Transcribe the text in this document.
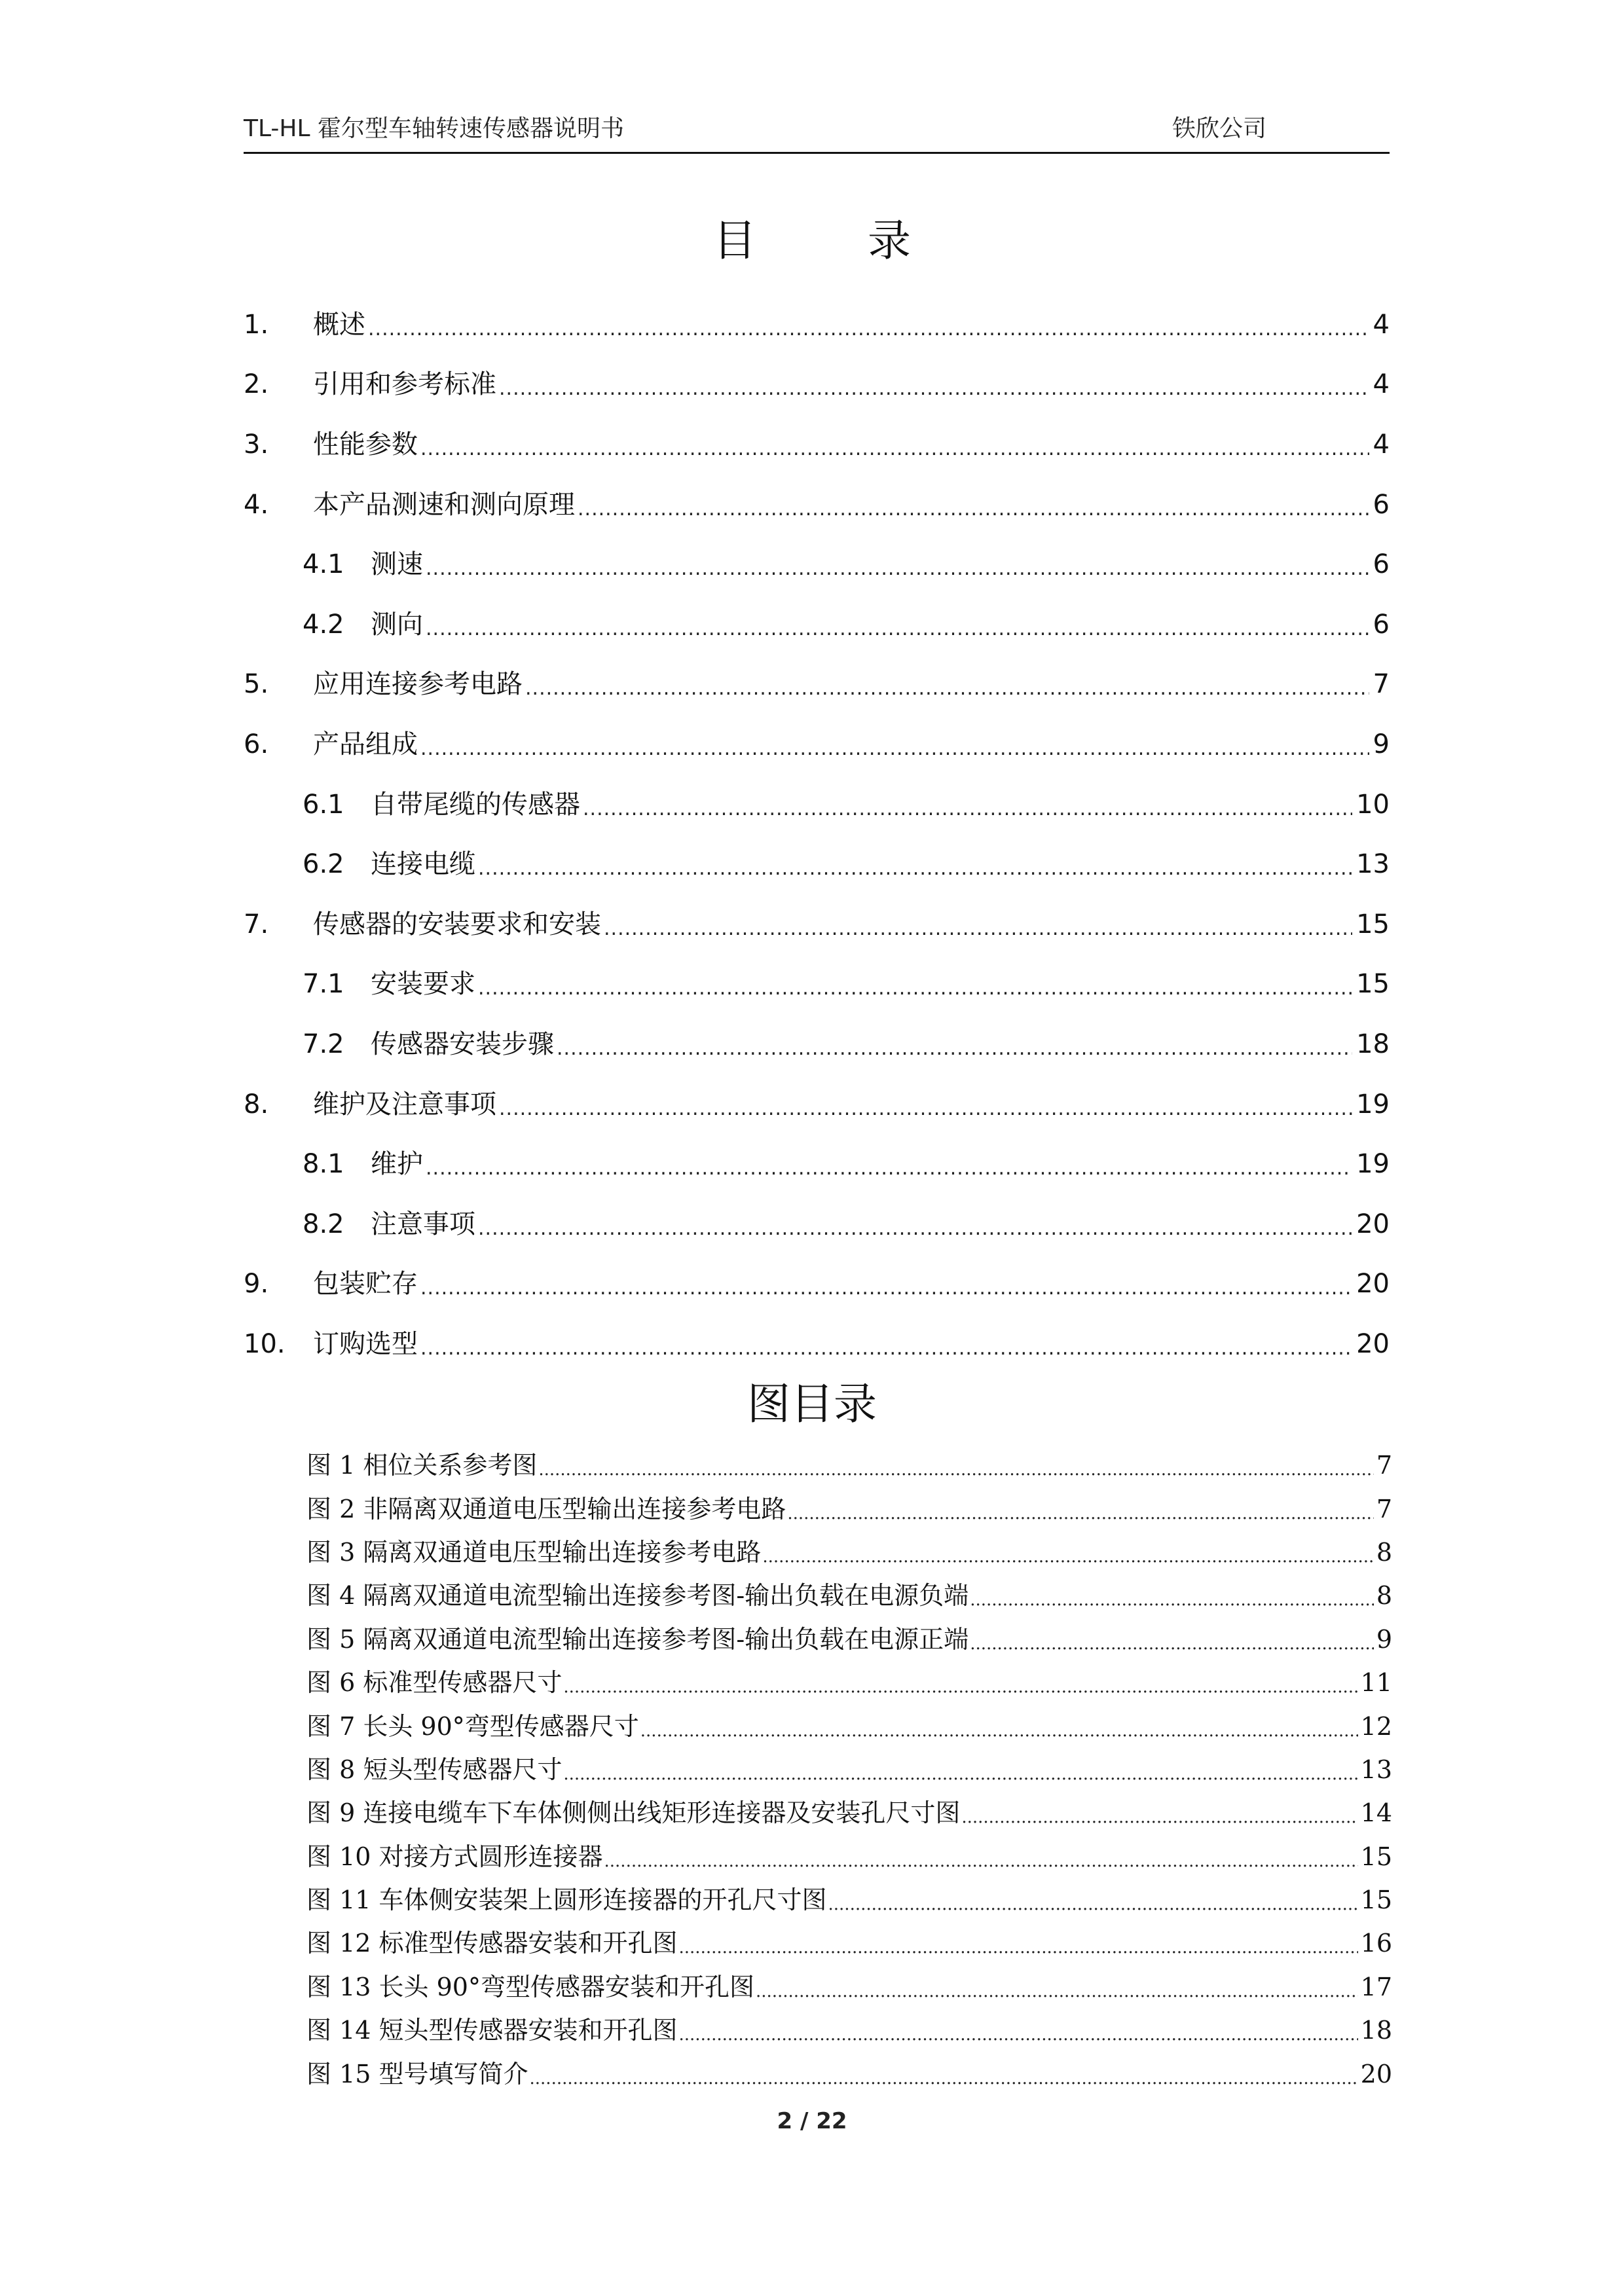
TL-HL 霍尔型车轴转速传感器说明书	铁欣公司
目录
1.	概述 .....	4
2.	引用和参考标准 .....	4
3.	性能参数 .....	4
4.	本产品测速和测向原理 .....	6
4.1	测速 .....	6
4.2	测向 .....	6
5.	应用连接参考电路 .....	7
6.	产品组成 .....	9
6.1	自带尾缆的传感器 .....	10
6.2	连接电缆 .....	13
7.	传感器的安装要求和安装 .....	15
7.1	安装要求 .....	15
7.2	传感器安装步骤 .....	18
8.	维护及注意事项 .....	19
8.1	维护 .....	19
8.2	注意事项 .....	20
9.	包装贮存 .....	20
10.	订购选型 .....	20
图目录
图 1 相位关系参考图 .....	7
图 2 非隔离双通道电压型输出连接参考电路 .....	7
图 3 隔离双通道电压型输出连接参考电路 .....	8
图 4 隔离双通道电流型输出连接参考图-输出负载在电源负端 .....	8
图 5 隔离双通道电流型输出连接参考图-输出负载在电源正端 .....	9
图 6 标准型传感器尺寸 .....	11
图 7 长头 90°弯型传感器尺寸 .....	12
图 8 短头型传感器尺寸 .....	13
图 9 连接电缆车下车体侧侧出线矩形连接器及安装孔尺寸图 .....	14
图 10 对接方式圆形连接器 .....	15
图 11 车体侧安装架上圆形连接器的开孔尺寸图 .....	15
图 12 标准型传感器安装和开孔图 .....	16
图 13 长头 90°弯型传感器安装和开孔图 .....	17
图 14 短头型传感器安装和开孔图 .....	18
图 15 型号填写简介 .....	20
2 / 22
